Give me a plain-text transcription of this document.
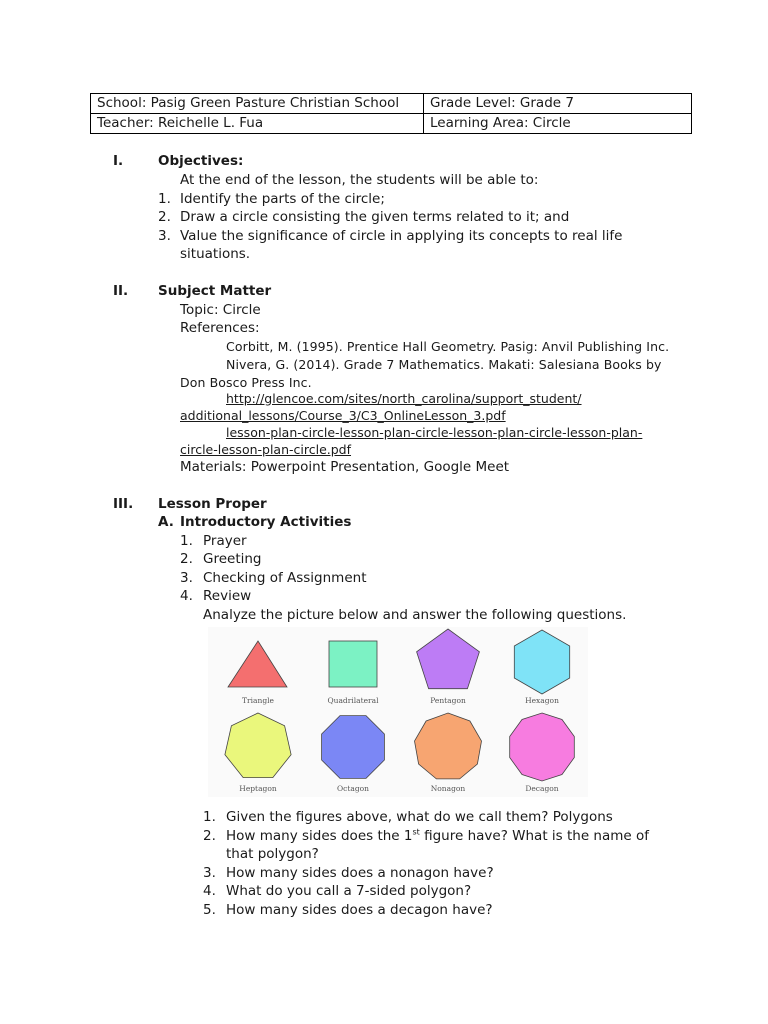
School: Pasig Green Pasture Christian School	Grade Level: Grade 7
Teacher: Reichelle L. Fua	Learning Area: Circle
I.	Objectives:
At the end of the lesson, the students will be able to:
1. Identify the parts of the circle;
2. Draw a circle consisting the given terms related to it; and
3. Value the significance of circle in applying its concepts to real life
situations.
II. Subject Matter
Topic: Circle
References:
Corbitt, M. (1995). Prentice Hall Geometry. Pasig: Anvil Publishing Inc.
Nivera, G. (2014). Grade 7 Mathematics. Makati: Salesiana Books by
Don Bosco Press Inc.
http://glencoe.com/sites/north_carolina/support_student/
additional_lessons/Course_3/C3_OnlineLesson_3.pdf
lesson-plan-circle-lesson-plan-circle-lesson-plan-circle-lesson-plan-
circle-lesson-plan-circle.pdf
Materials: Powerpoint Presentation, Google Meet
III. Lesson Proper
A. Introductory Activities
1. Prayer
2. Greeting
3. Checking of Assignment
4. Review
Analyze the picture below and answer the following questions.
Triangle	Quadrilateral	Pentagon	Hexagon
Heptagon	Octagon	Nonagon	Decagon
1. Given the figures above, what do we call them? Polygons
2. How many sides does the 1st figure have? What is the name of
that polygon?
3. How many sides does a nonagon have?
4. What do you call a 7-sided polygon?
5. How many sides does a decagon have?
